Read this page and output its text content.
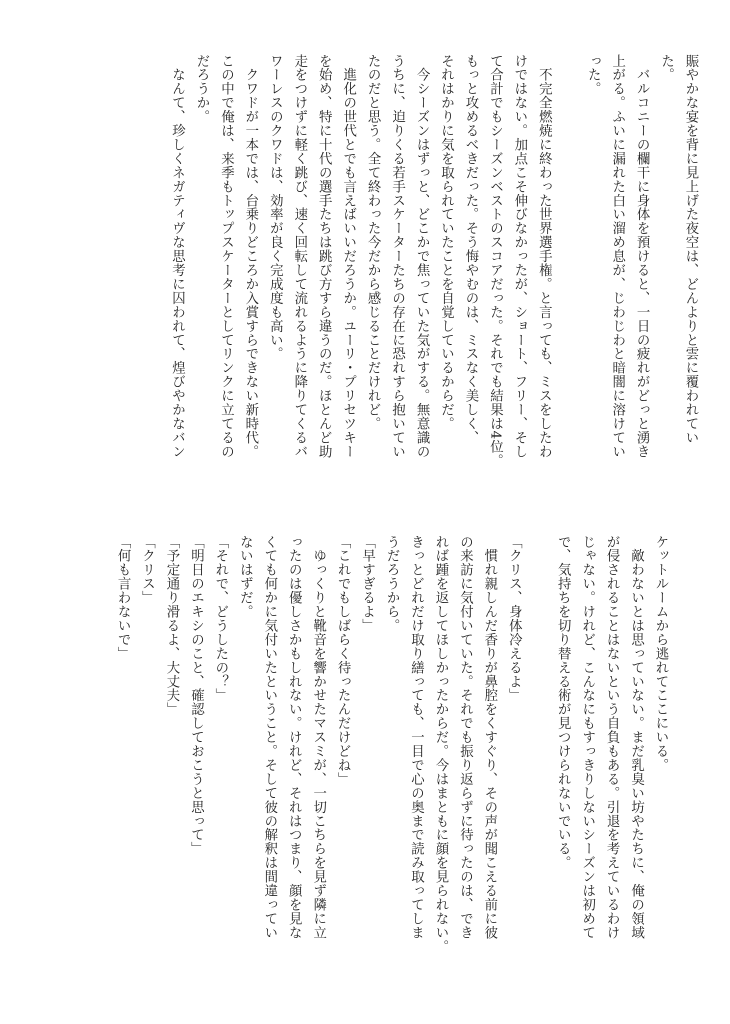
賑やかな宴を背に見上げた夜空は、どんよりと雲に覆われてい
た。
　バルコニーの欄干に身体を預けると、一日の疲れがどっと湧き
上がる。ふいに漏れた白い溜め息が、じわじわと暗闇に溶けてい
った。
　不完全燃焼に終わった世界選手権。と言っても、ミスをしたわ
けではない。加点こそ伸びなかったが、ショート、フリー、そし
て合計でもシーズンベストのスコアだった。それでも結果は4位。
もっと攻めるべきだった。そう悔やむのは、ミスなく美しく、
それはかりに気を取られていたことを自覚しているからだ。
　今シーズンはずっと、どこかで焦っていた気がする。無意識の
うちに、迫りくる若手スケーターたちの存在に恐れすら抱いてい
たのだと思う。全て終わった今だから感じることだけれど。
　進化の世代とでも言えばいいだろうか。ユーリ・プリセツキー
を始め、特に十代の選手たちは跳び方すら違うのだ。ほとんど助
走をつけずに軽く跳び、速く回転して流れるように降りてくるバ
ワーレスのクワドは、効率が良く完成度も高い。
　クワドが一本では、台乗りどころか入賞すらできない新時代。
この中で俺は、来季もトップスケーターとしてリンクに立てるの
だろうか。
　なんて、珍しくネガティヴな思考に囚われて、煌びやかなバン
ケットルームから逃れてここにいる。
　敵わないとは思っていない。まだ乳臭い坊やたちに、俺の領域
が侵されることはないという自負もある。引退を考えているわけ
じゃない。けれど、こんなにもすっきりしないシーズンは初めて
で、気持ちを切り替える術が見つけられないでいる。
「クリス、身体冷えるよ」
　慣れ親しんだ香りが鼻腔をくすぐり、その声が聞こえる前に彼
の来訪に気付いていた。それでも振り返らずに待ったのは、でき
れば踵を返してほしかったからだ。今はまともに顔を見られない。
きっとどれだけ取り繕っても、一目で心の奥まで読み取ってしま
うだろうから。
「早すぎるよ」
「これでもしばらく待ったんだけどね」
　ゆっくりと靴音を響かせたマスミが、一切こちらを見ず隣に立
ったのは優しさかもしれない。けれど、それはつまり、顔を見な
くても何かに気付いたということ。そして彼の解釈は間違ってい
ないはずだ。
「それで、どうしたの？」
「明日のエキシのこと、確認しておこうと思って」
「予定通り滑るよ、大丈夫」
「クリス」
「何も言わないで」
